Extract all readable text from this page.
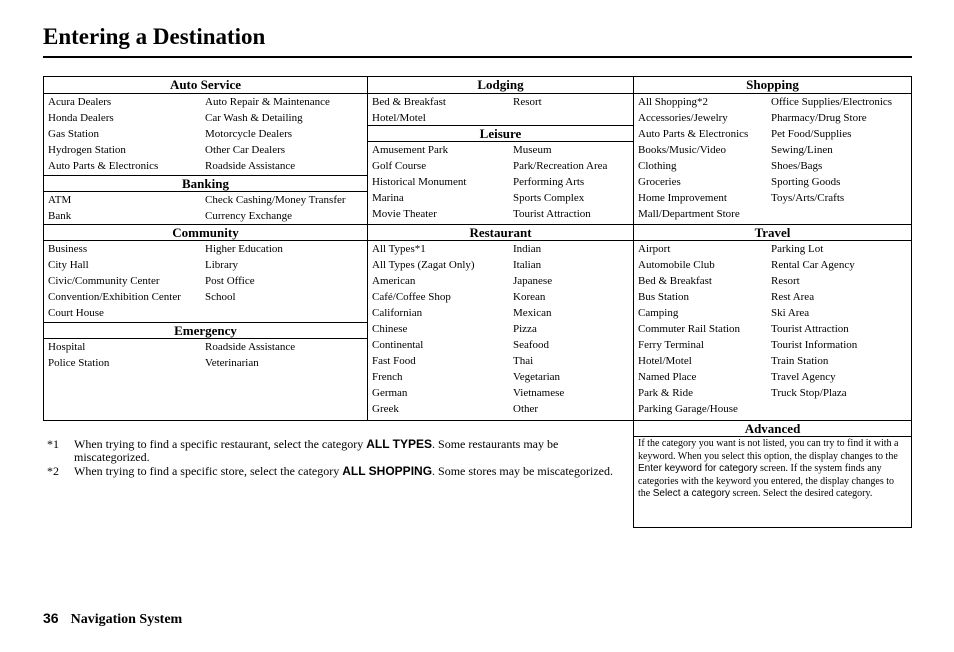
Entering a Destination
Auto Service
Acura Dealers	Auto Repair & Maintenance
Honda Dealers	Car Wash & Detailing
Gas Station	Motorcycle Dealers
Hydrogen Station	Other Car Dealers
Auto Parts & Electronics	Roadside Assistance
Banking
ATM	Check Cashing/Money Transfer
Bank	Currency Exchange
Community
Business	Higher Education
City Hall	Library
Civic/Community Center	Post Office
Convention/Exhibition Center	School
Court House
Emergency
Hospital	Roadside Assistance
Police Station	Veterinarian
Lodging
Bed & Breakfast	Resort
Hotel/Motel
Leisure
Amusement Park	Museum
Golf Course	Park/Recreation Area
Historical Monument	Performing Arts
Marina	Sports Complex
Movie Theater	Tourist Attraction
Restaurant
All Types*1	Indian
All Types (Zagat Only)	Italian
American	Japanese
Café/Coffee Shop	Korean
Californian	Mexican
Chinese	Pizza
Continental	Seafood
Fast Food	Thai
French	Vegetarian
German	Vietnamese
Greek	Other
Shopping
All Shopping*2	Office Supplies/Electronics
Accessories/Jewelry	Pharmacy/Drug Store
Auto Parts & Electronics	Pet Food/Supplies
Books/Music/Video	Sewing/Linen
Clothing	Shoes/Bags
Groceries	Sporting Goods
Home Improvement	Toys/Arts/Crafts
Mall/Department Store
Travel
Airport	Parking Lot
Automobile Club	Rental Car Agency
Bed & Breakfast	Resort
Bus Station	Rest Area
Camping	Ski Area
Commuter Rail Station	Tourist Attraction
Ferry Terminal	Tourist Information
Hotel/Motel	Train Station
Named Place	Travel Agency
Park & Ride	Truck Stop/Plaza
Parking Garage/House
Advanced
If the category you want is not listed, you can try to find it with a keyword. When you select this option, the display changes to the Enter keyword for category screen. If the system finds any categories with the keyword you entered, the display changes to the Select a category screen. Select the desired category.
*1	When trying to find a specific restaurant, select the category ALL TYPES. Some restaurants may be miscategorized.
*2	When trying to find a specific store, select the category ALL SHOPPING. Some stores may be miscategorized.
36 Navigation System
